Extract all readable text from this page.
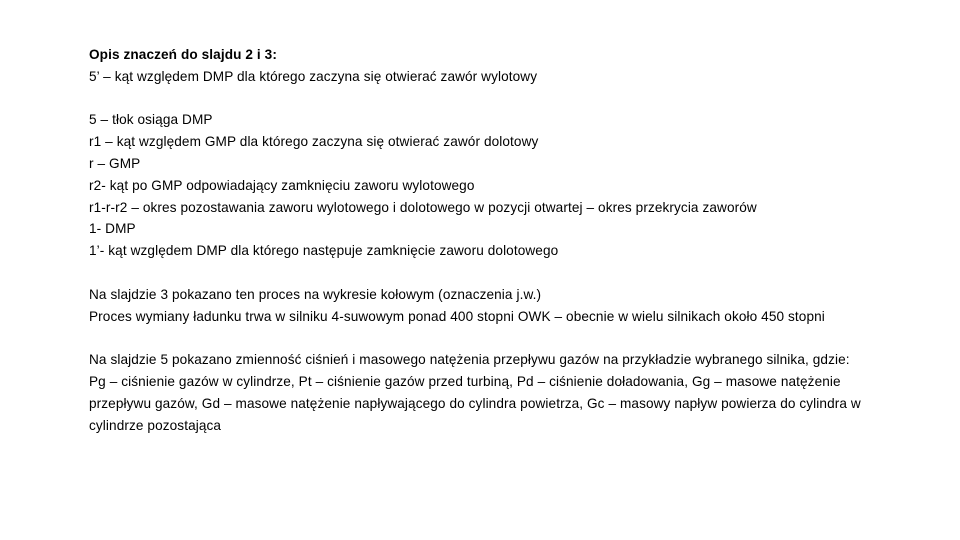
Opis znaczeń do slajdu 2 i 3:
5’ – kąt względem DMP dla którego zaczyna się otwierać zawór wylotowy
5 – tłok osiąga DMP
r1 – kąt względem GMP dla którego zaczyna się otwierać zawór dolotowy
r – GMP
r2- kąt po GMP odpowiadający zamknięciu zaworu wylotowego
r1-r-r2 – okres pozostawania zaworu wylotowego i dolotowego w pozycji otwartej – okres przekrycia zaworów
1- DMP
1’- kąt względem DMP dla którego następuje zamknięcie zaworu dolotowego
Na slajdzie 3 pokazano ten proces na wykresie kołowym (oznaczenia j.w.)
Proces wymiany ładunku trwa w silniku 4-suwowym ponad 400 stopni OWK – obecnie w wielu silnikach około 450 stopni
Na slajdzie 5 pokazano zmienność ciśnień i masowego natężenia przepływu gazów na przykładzie wybranego silnika, gdzie:
Pg – ciśnienie gazów w cylindrze, Pt – ciśnienie gazów przed turbiną, Pd – ciśnienie doładowania, Gg – masowe natężenie przepływu gazów, Gd – masowe natężenie napływającego do cylindra powietrza, Gc – masowy napływ powierza do cylindra w cylindrze pozostająca
